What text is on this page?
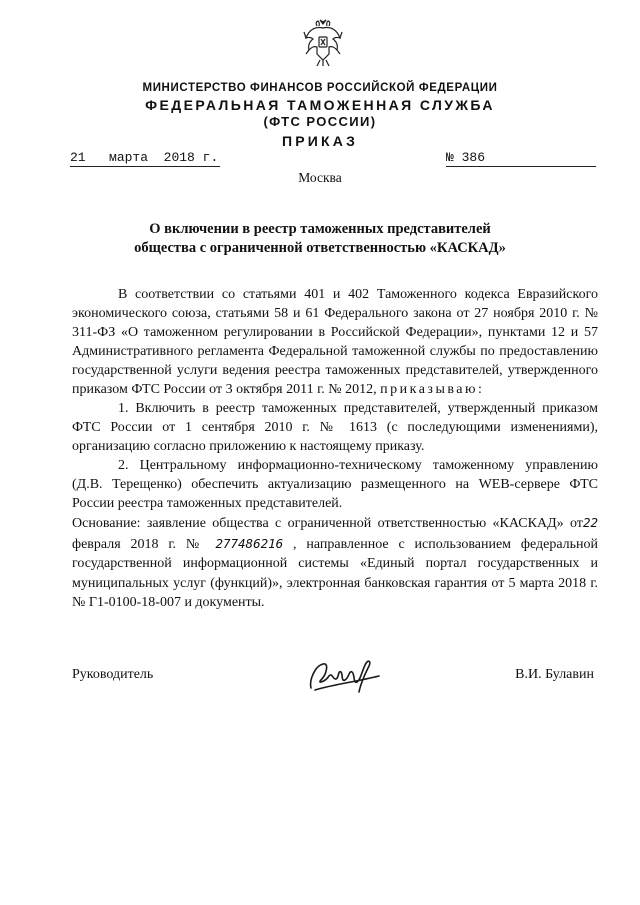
МИНИСТЕРСТВО ФИНАНСОВ РОССИЙСКОЙ ФЕДЕРАЦИИ
ФЕДЕРАЛЬНАЯ ТАМОЖЕННАЯ СЛУЖБА
(ФТС РОССИИ)
ПРИКАЗ
21 марта 2018 г.	№ 386
Москва
О включении в реестр таможенных представителей
общества с ограниченной ответственностью «КАСКАД»

В соответствии со статьями 401 и 402 Таможенного кодекса Евразийского экономического союза, статьями 58 и 61 Федерального закона от 27 ноября 2010 г. № 311-ФЗ «О таможенном регулировании в Российской Федерации», пунктами 12 и 57 Административного регламента Федеральной таможенной службы по предоставлению государственной услуги ведения реестра таможенных представителей, утвержденного приказом ФТС России от 3 октября 2011 г. № 2012, приказываю:

1. Включить в реестр таможенных представителей, утвержденный приказом ФТС России от 1 сентября 2010 г. № 1613 (с последующими изменениями), организацию согласно приложению к настоящему приказу.

2. Центральному информационно-техническому таможенному управлению (Д.В. Терещенко) обеспечить актуализацию размещенного на WEB-сервере ФТС России реестра таможенных представителей.

Основание: заявление общества с ограниченной ответственностью «КАСКАД» от22 февраля 2018 г. № 277486216 , направленное с использованием федеральной государственной информационной системы «Единый портал государственных и муниципальных услуг (функций)», электронная банковская гарантия от 5 марта 2018 г. № Г1-0100-18-007 и документы.

Руководитель	В.И. Булавин
